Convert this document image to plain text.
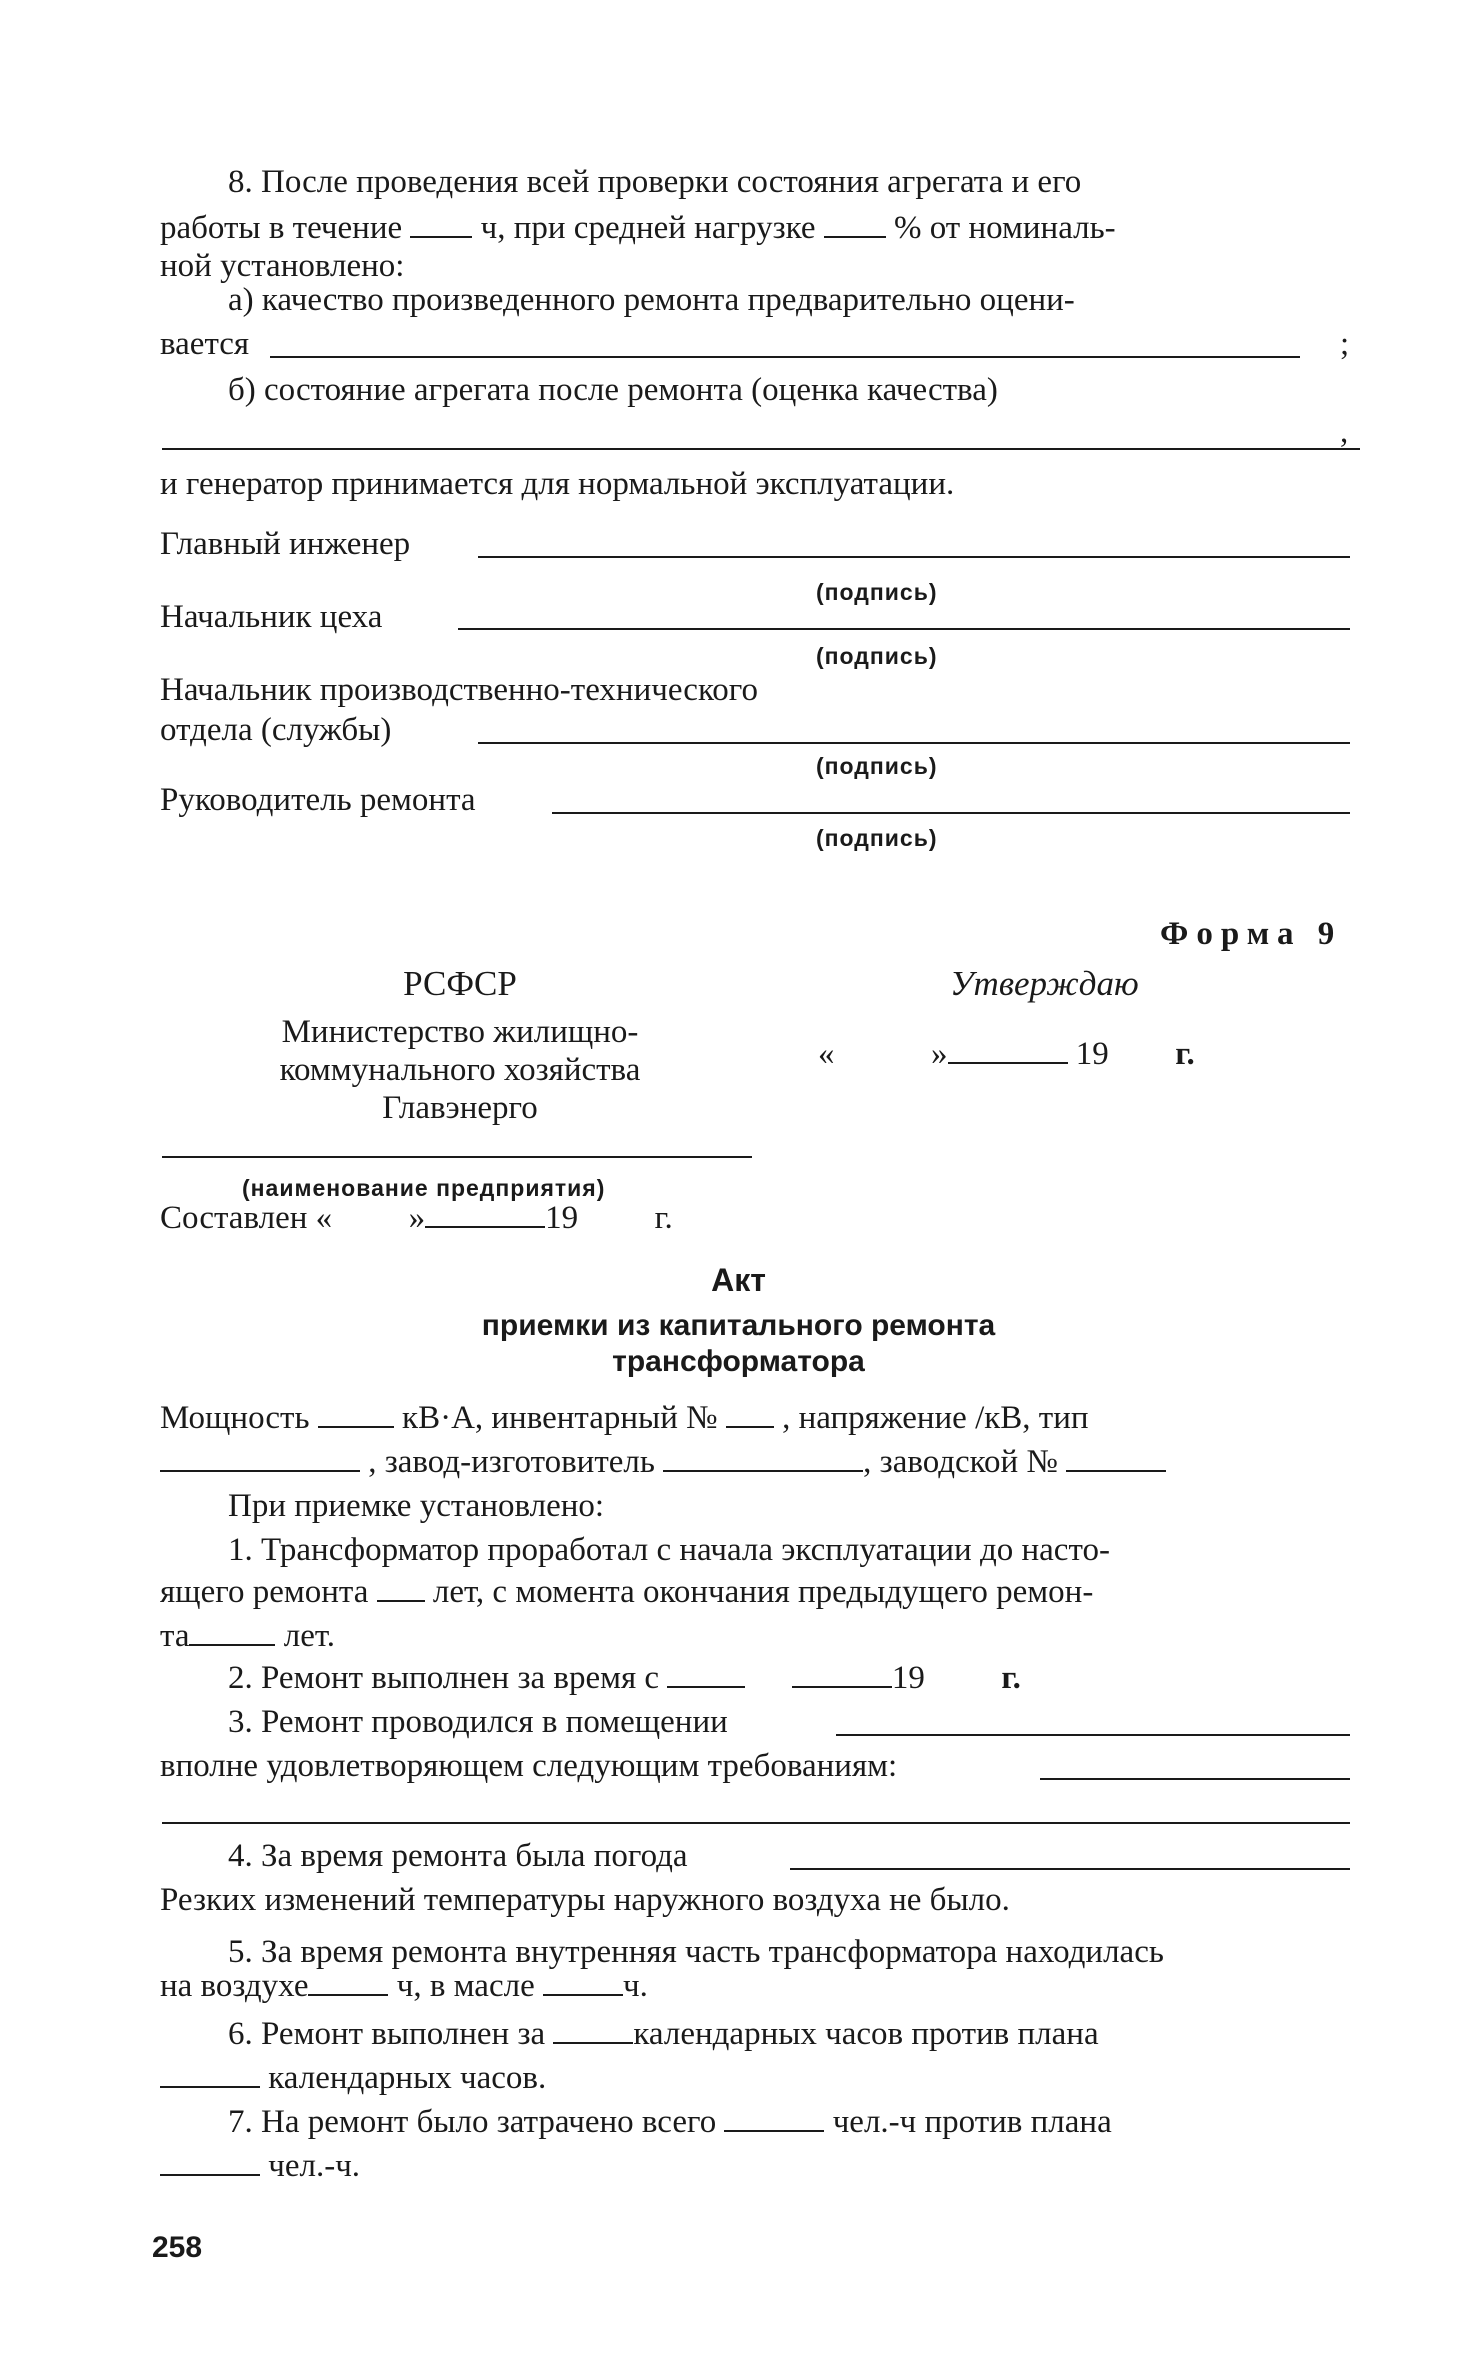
8. После проведения всей проверки состояния агрегата и его
работы в течение ч, при средней нагрузке % от номиналь-
ной установлено:
а) качество произведенного ремонта предварительно оцени-
вается	;
б) состояние агрегата после ремонта (оценка качества)
,
и генератор принимается для нормальной эксплуатации.
Главный инженер
(подпись)
Начальник цеха
(подпись)
Начальник производственно-технического
отдела (службы)
(подпись)
Руководитель ремонта
(подпись)
Форма 9
РСФСР
Министерство жилищно-
коммунального хозяйства
Главэнерго
Утверждаю
«	»	19 г.
(наименование предприятия)
Составлен « »	19 г.
Акт
приемки из капитального ремонта
трансформатора
Мощность	кВ·А, инвентарный № , напряжение /кВ, тип
, завод-изготовитель	, заводской №
При приемке установлено:
1. Трансформатор проработал с начала эксплуатации до насто-
ящего ремонта лет, с момента окончания предыдущего ремон-
та	лет.
2. Ремонт выполнен за время с	19 г.
3. Ремонт проводился в помещении
вполне удовлетворяющем следующим требованиям:
4. За время ремонта была погода
Резких изменений температуры наружного воздуха не было.
5. За время ремонта внутренняя часть трансформатора находилась
на воздухе	ч, в масле	ч.
6. Ремонт выполнен за	календарных часов против плана
календарных часов.
7. На ремонт было затрачено всего	чел.-ч против плана
чел.-ч.
258
